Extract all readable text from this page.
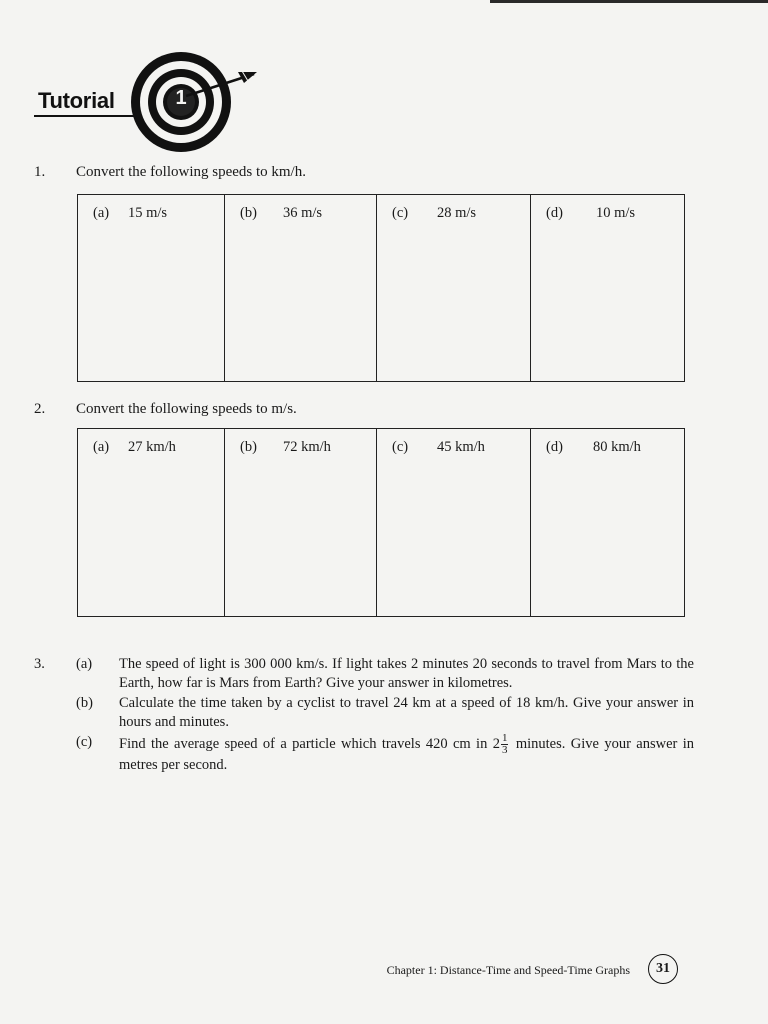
Tutorial	1
1. Convert the following speeds to km/h.
(a)	15 m/s	(b)	36 m/s	(c)	28 m/s	(d)	10 m/s
2. Convert the following speeds to m/s.
(a)	27 km/h	(b)	72 km/h	(c)	45 km/h	(d)	80 km/h
3.	(a)	The speed of light is 300 000 km/s. If light takes 2 minutes 20 seconds to travel from Mars to the Earth, how far is Mars from Earth? Give your answer in kilometres.
(b)	Calculate the time taken by a cyclist to travel 24 km at a speed of 18 km/h. Give your answer in hours and minutes.
(c)	Find the average speed of a particle which travels 420 cm in $2 \frac{1}{3}$ minutes. Give your answer in metres per second.
Chapter 1: Distance-Time and Speed-Time Graphs	31
